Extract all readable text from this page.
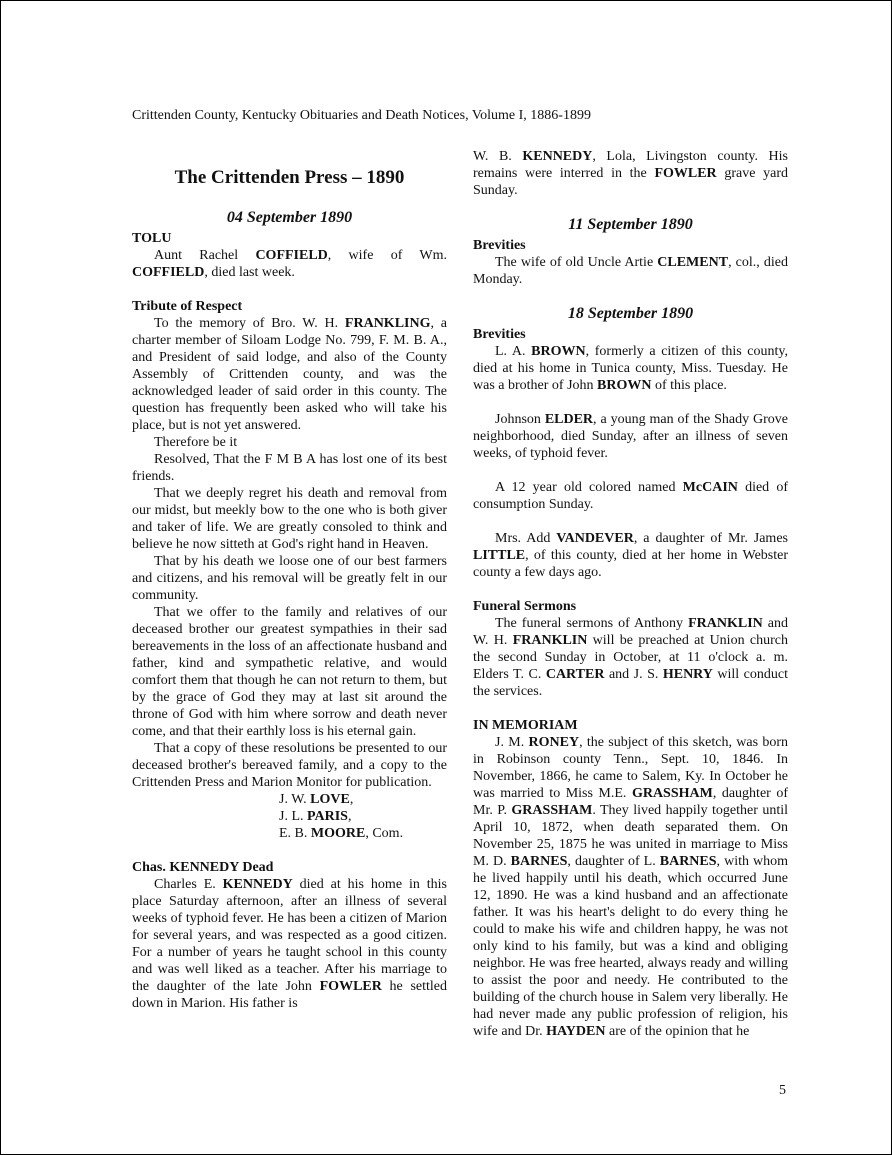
Crittenden County, Kentucky Obituaries and Death Notices, Volume I, 1886-1899
The Crittenden Press – 1890
04 September 1890
TOLU

Aunt Rachel COFFIELD, wife of Wm. COFFIELD, died last week.

Tribute of Respect

To the memory of Bro. W. H. FRANKLING, a charter member of Siloam Lodge No. 799, F. M. B. A., and President of said lodge, and also of the County Assembly of Crittenden county, and was the acknowledged leader of said order in this county. The question has frequently been asked who will take his place, but is not yet answered.

Therefore be it

Resolved, That the F M B A has lost one of its best friends.

That we deeply regret his death and removal from our midst, but meekly bow to the one who is both giver and taker of life. We are greatly consoled to think and believe he now sitteth at God's right hand in Heaven.

That by his death we loose one of our best farmers and citizens, and his removal will be greatly felt in our community.

That we offer to the family and relatives of our deceased brother our greatest sympathies in their sad bereavements in the loss of an affectionate husband and father, kind and sympathetic relative, and would comfort them that though he can not return to them, but by the grace of God they may at last sit around the throne of God with him where sorrow and death never come, and that their earthly loss is his eternal gain.

That a copy of these resolutions be presented to our deceased brother's bereaved family, and a copy to the Crittenden Press and Marion Monitor for publication.

J. W. LOVE,
J. L. PARIS,
E. B. MOORE, Com.
Chas. KENNEDY Dead

Charles E. KENNEDY died at his home in this place Saturday afternoon, after an illness of several weeks of typhoid fever. He has been a citizen of Marion for several years, and was respected as a good citizen. For a number of years he taught school in this county and was well liked as a teacher. After his marriage to the daughter of the late John FOWLER he settled down in Marion. His father is

W. B. KENNEDY, Lola, Livingston county. His remains were interred in the FOWLER grave yard Sunday.

11 September 1890
Brevities

The wife of old Uncle Artie CLEMENT, col., died Monday.

18 September 1890
Brevities

L. A. BROWN, formerly a citizen of this county, died at his home in Tunica county, Miss. Tuesday. He was a brother of John BROWN of this place.

Johnson ELDER, a young man of the Shady Grove neighborhood, died Sunday, after an illness of seven weeks, of typhoid fever.

A 12 year old colored named McCAIN died of consumption Sunday.

Mrs. Add VANDEVER, a daughter of Mr. James LITTLE, of this county, died at her home in Webster county a few days ago.

Funeral Sermons

The funeral sermons of Anthony FRANKLIN and W. H. FRANKLIN will be preached at Union church the second Sunday in October, at 11 o'clock a. m. Elders T. C. CARTER and J. S. HENRY will conduct the services.

IN MEMORIAM

J. M. RONEY, the subject of this sketch, was born in Robinson county Tenn., Sept. 10, 1846. In November, 1866, he came to Salem, Ky. In October he was married to Miss M.E. GRASSHAM, daughter of Mr. P. GRASSHAM. They lived happily together until April 10, 1872, when death separated them. On November 25, 1875 he was united in marriage to Miss M. D. BARNES, daughter of L. BARNES, with whom he lived happily until his death, which occurred June 12, 1890. He was a kind husband and an affectionate father. It was his heart's delight to do every thing he could to make his wife and children happy, he was not only kind to his family, but was a kind and obliging neighbor. He was free hearted, always ready and willing to assist the poor and needy. He contributed to the building of the church house in Salem very liberally. He had never made any public profession of religion, his wife and Dr. HAYDEN are of the opinion that he

5
